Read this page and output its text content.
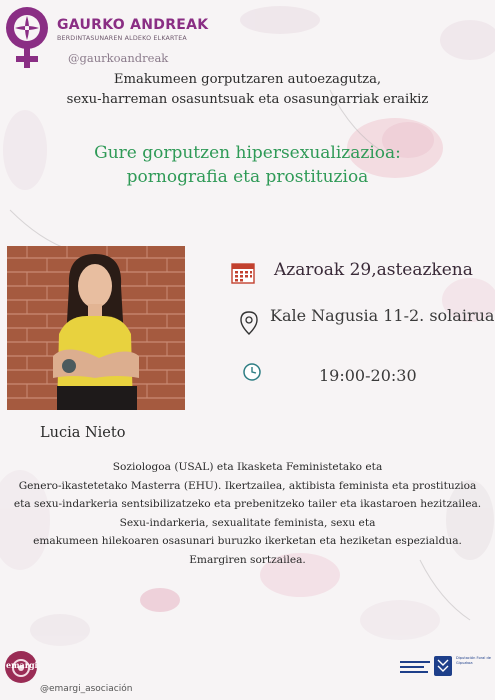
GAURKO ANDREAK
BERDINTASUNAREN ALDEKO ELKARTEA
@gaurkoandreak
Emakumeen gorputzaren autoezagutza,
sexu-harreman osasuntsuak eta osasungarriak eraikiz
Gure gorputzen hipersexualizazioa:
pornografia eta prostituzioa
Lucia Nieto
Azaroak 29,asteazkena
Kale Nagusia 11-2. solairua
19:00-20:30
Soziologoa (USAL) eta Ikasketa Feministetako eta
Genero-ikastetetako Masterra (EHU). Ikertzailea, aktibista feminista eta prostituzioa
eta sexu-indarkeria sentsibilizatzeko eta prebenitzeko tailer eta ikastaroen hezitzailea.
Sexu-indarkeria, sexualitate feminista, sexu eta
emakumeen hilekoaren osasunari buruzko ikerketan eta heziketan espezialdua.
Emargiren sortzailea.
emargi
@emargi_asociación
Diputación Foral de Gipuzkoa
